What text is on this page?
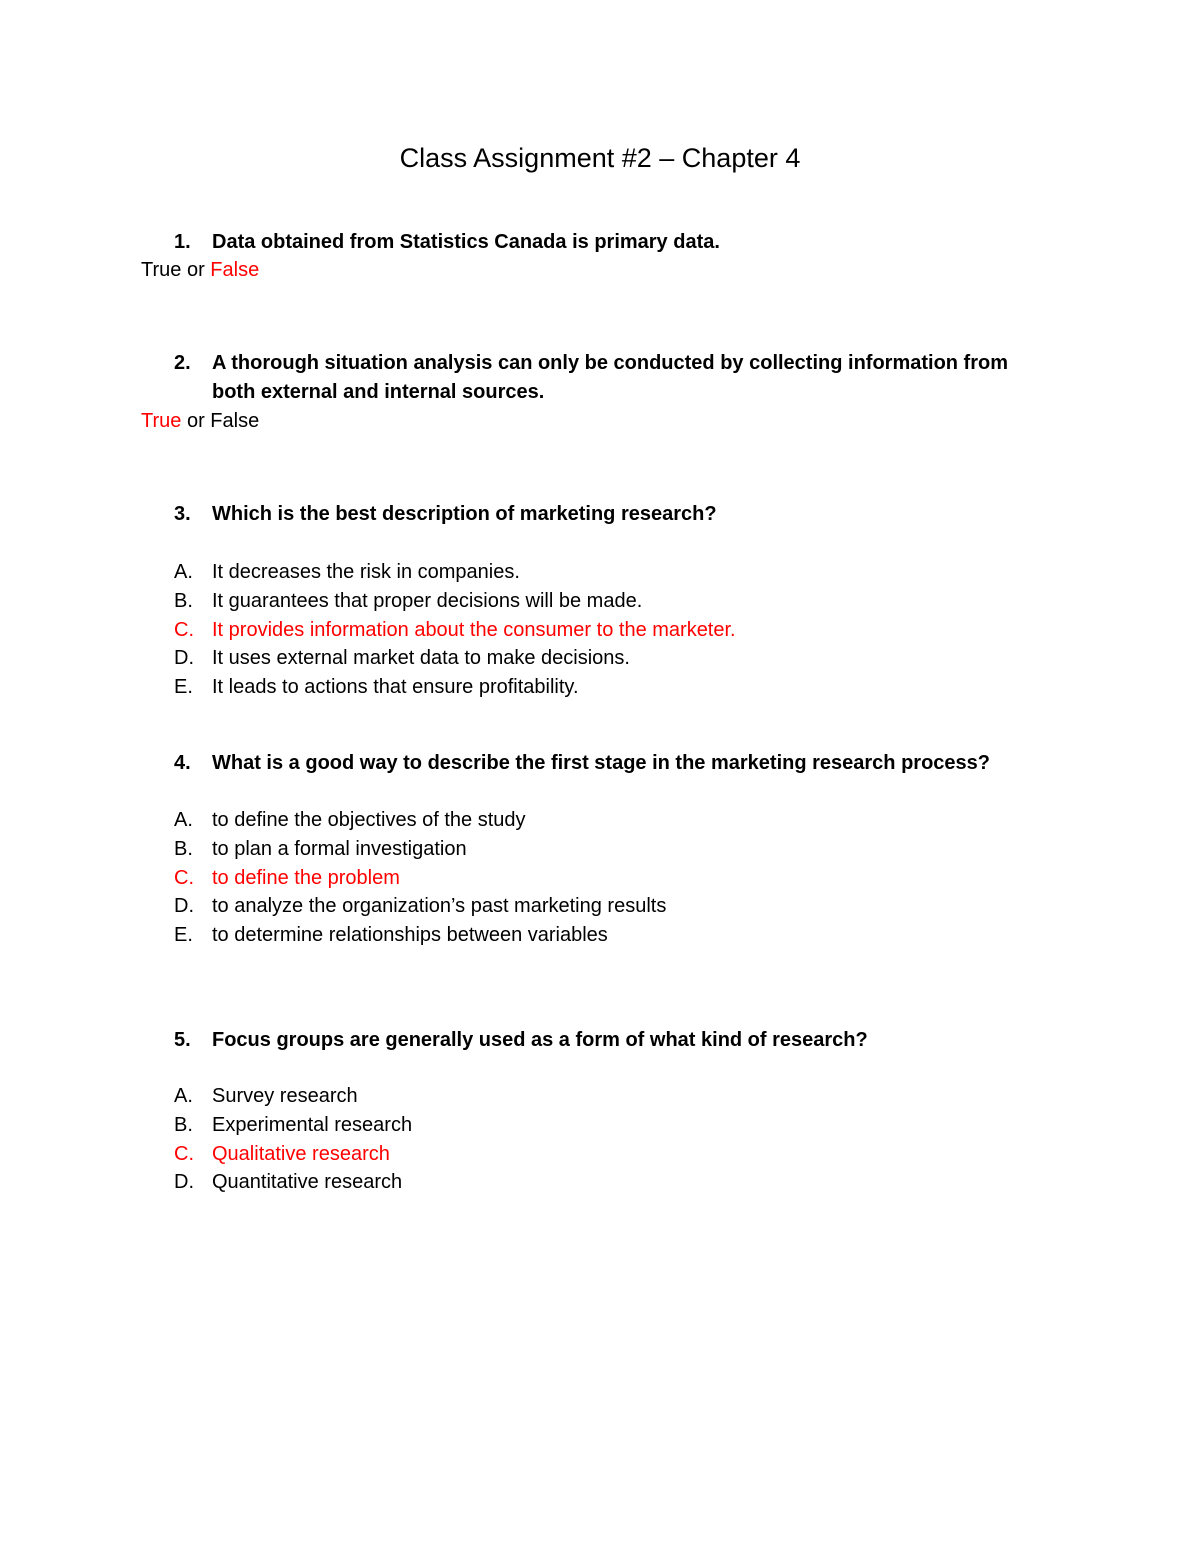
Class Assignment #2 – Chapter 4
1.	Data obtained from Statistics Canada is primary data.
True or False
2.	A thorough situation analysis can only be conducted by collecting information from both external and internal sources.
True or False
3.	Which is the best description of marketing research?
A. It decreases the risk in companies.
B. It guarantees that proper decisions will be made.
C. It provides information about the consumer to the marketer.
D. It uses external market data to make decisions.
E. It leads to actions that ensure profitability.
4.	What is a good way to describe the first stage in the marketing research process?
A. to define the objectives of the study
B. to plan a formal investigation
C. to define the problem
D. to analyze the organization’s past marketing results
E. to determine relationships between variables
5.	Focus groups are generally used as a form of what kind of research?
A. Survey research
B. Experimental research
C. Qualitative research
D. Quantitative research
